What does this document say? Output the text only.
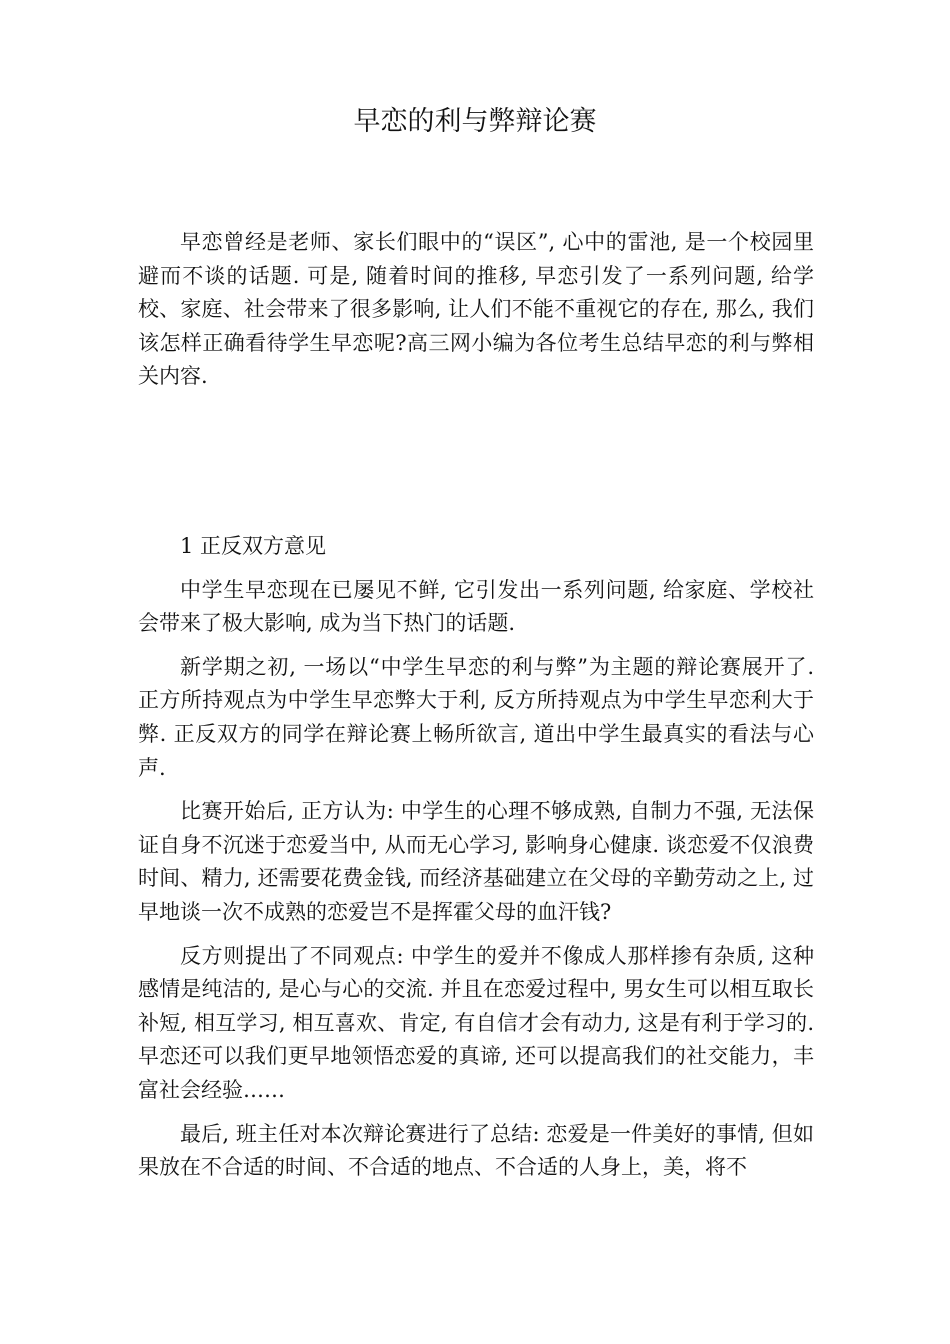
早恋的利与弊辩论赛

早恋曾经是老师、家长们眼中的“误区”, 心中的雷池, 是一个校园里避而不谈的话题. 可是, 随着时间的推移, 早恋引发了一系列问题, 给学校、家庭、社会带来了很多影响, 让人们不能不重视它的存在, 那么, 我们该怎样正确看待学生早恋呢?高三网小编为各位考生总结早恋的利与弊相关内容.

1 正反双方意见

中学生早恋现在已屡见不鲜, 它引发出一系列问题, 给家庭、学校社会带来了极大影响, 成为当下热门的话题.

新学期之初, 一场以“中学生早恋的利与弊”为主题的辩论赛展开了. 正方所持观点为中学生早恋弊大于利, 反方所持观点为中学生早恋利大于弊. 正反双方的同学在辩论赛上畅所欲言, 道出中学生最真实的看法与心声.

比赛开始后, 正方认为: 中学生的心理不够成熟, 自制力不强, 无法保证自身不沉迷于恋爱当中, 从而无心学习, 影响身心健康. 谈恋爱不仅浪费时间、精力, 还需要花费金钱, 而经济基础建立在父母的辛勤劳动之上, 过早地谈一次不成熟的恋爱岂不是挥霍父母的血汗钱?

反方则提出了不同观点: 中学生的爱并不像成人那样掺有杂质, 这种感情是纯洁的, 是心与心的交流. 并且在恋爱过程中, 男女生可以相互取长补短, 相互学习, 相互喜欢、肯定, 有自信才会有动力, 这是有利于学习的. 早恋还可以我们更早地领悟恋爱的真谛, 还可以提高我们的社交能力，丰富社会经验……

最后, 班主任对本次辩论赛进行了总结: 恋爱是一件美好的事情, 但如果放在不合适的时间、不合适的地点、不合适的人身上，美，将不
